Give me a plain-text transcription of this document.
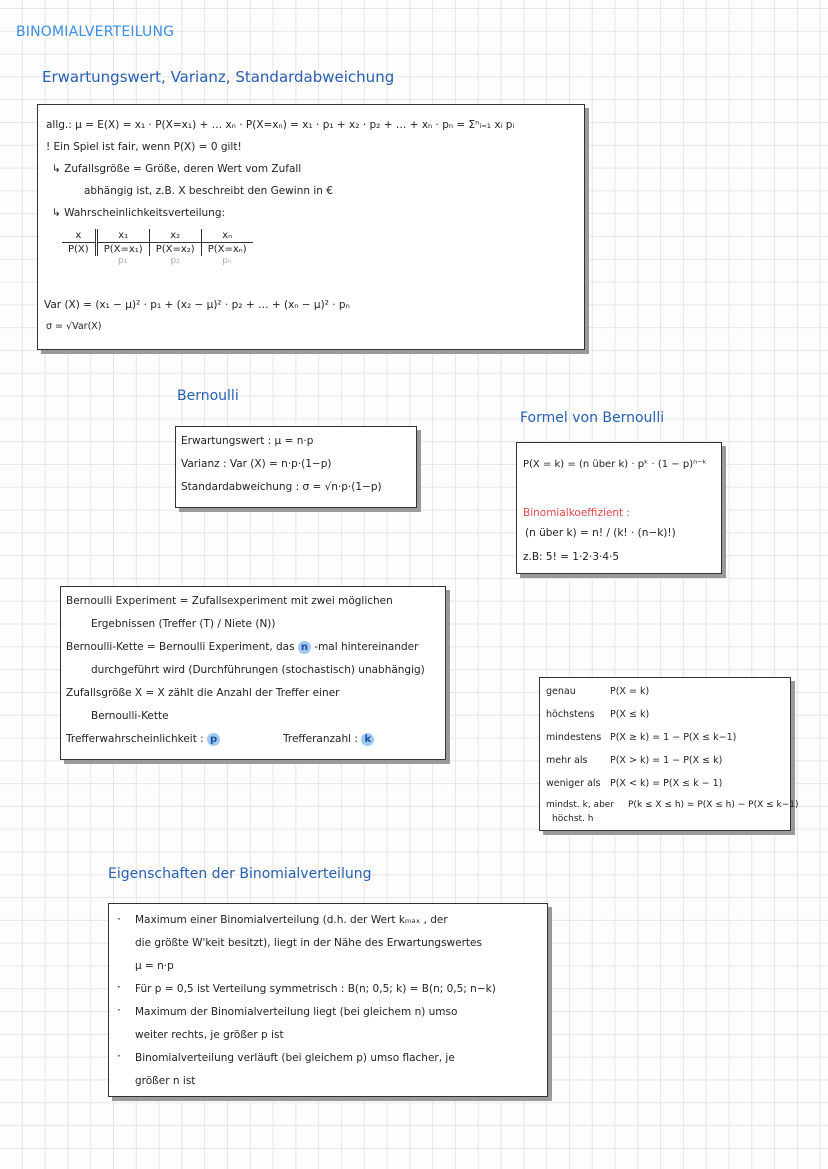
BINOMIALVERTEILUNG
Erwartungswert, Varianz, Standardabweichung
allg.: μ = E(X) = x₁ · P(X=x₁) + … xₙ · P(X=xₙ) = x₁ · p₁ + x₂ · p₂ + … + xₙ · pₙ = Σⁿᵢ₌₁ xᵢ pᵢ
! Ein Spiel ist fair, wenn P(X) = 0 gilt!
↳ Zufallsgröße = Größe, deren Wert vom Zufall
abhängig ist, z.B. X beschreibt den Gewinn in €
↳ Wahrscheinlichkeitsverteilung:
x	x₁	x₂	xₙ
P(X)	P(X=x₁)	P(X=x₂)	P(X=xₙ)
	p₁	p₂	pₙ
Var (X) = (x₁ − μ)² · p₁ + (x₂ − μ)² · p₂ + … + (xₙ − μ)² · pₙ
σ = √Var(X)
Bernoulli
Erwartungswert : μ = n·p
Varianz : Var (X) = n·p·(1−p)
Standardabweichung : σ = √n·p·(1−p)
Formel von Bernoulli
P(X = k) = (n über k) · pᵏ · (1 − p)ⁿ⁻ᵏ
Binomialkoeffizient :
(n über k) = n! / (k! · (n−k)!)
z.B: 5! = 1·2·3·4·5
Bernoulli Experiment = Zufallsexperiment mit zwei möglichen
Ergebnissen (Treffer (T) / Niete (N))
Bernoulli-Kette = Bernoulli Experiment, das n -mal hintereinander
durchgeführt wird (Durchführungen (stochastisch) unabhängig)
Zufallsgröße X = X zählt die Anzahl der Treffer einer
Bernoulli-Kette
Trefferwahrscheinlichkeit : p	Trefferanzahl : k
genau	P(X = k)
höchstens P(X ≤ k)
mindestens P(X ≥ k) = 1 − P(X ≤ k−1)
mehr als P(X > k) = 1 − P(X ≤ k)
weniger als P(X < k) = P(X ≤ k − 1)
mindst. k, aber P(k ≤ X ≤ h) = P(X ≤ h) − P(X ≤ k−1)
höchst. h
Eigenschaften der Binomialverteilung
· Maximum einer Binomialverteilung (d.h. der Wert kₘₐₓ , der
die größte W'keit besitzt), liegt in der Nähe des Erwartungswertes
μ = n·p
· Für p = 0,5 ist Verteilung symmetrisch : B(n; 0,5; k) = B(n; 0,5; n−k)
· Maximum der Binomialverteilung liegt (bei gleichem n) umso
weiter rechts, je größer p ist
· Binomialverteilung verläuft (bei gleichem p) umso flacher, je
größer n ist
